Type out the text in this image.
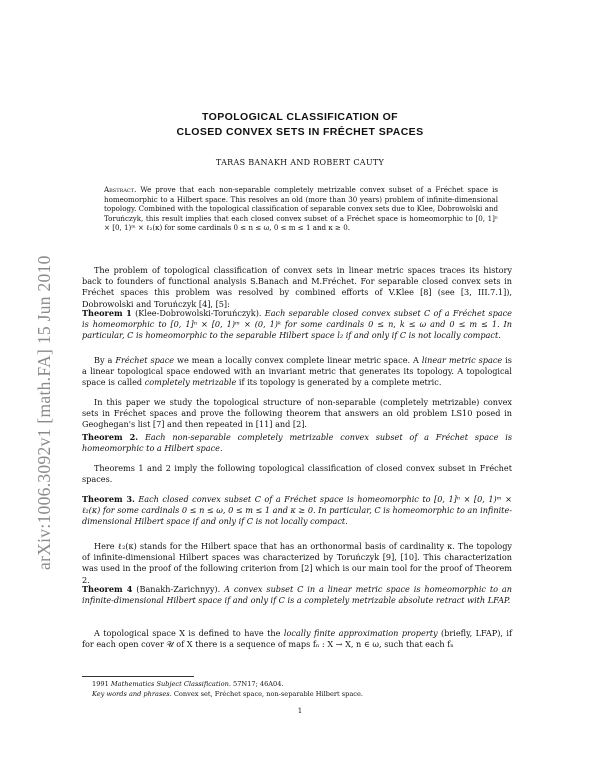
arXiv:1006.3092v1 [math.FA] 15 Jun 2010
TOPOLOGICAL CLASSIFICATION OF
CLOSED CONVEX SETS IN FRÉCHET SPACES
TARAS BANAKH AND ROBERT CAUTY
Abstract. We prove that each non-separable completely metrizable convex subset of a Fréchet space is homeomorphic to a Hilbert space. This resolves an old (more than 30 years) problem of infinite-dimensional topology. Combined with the topological classification of separable convex sets due to Klee, Dobrowolski and Toruńczyk, this result implies that each closed convex subset of a Fréchet space is homeomorphic to [0, 1]ⁿ × [0, 1)ᵐ × ℓ₂(κ) for some cardinals 0 ≤ n ≤ ω, 0 ≤ m ≤ 1 and κ ≥ 0.
The problem of topological classification of convex sets in linear metric spaces traces its history back to founders of functional analysis S.Banach and M.Fréchet. For separable closed convex sets in Fréchet spaces this problem was resolved by combined efforts of V.Klee [8] (see [3, III.7.1]), Dobrowolski and Toruńczyk [4], [5]:
Theorem 1 (Klee-Dobrowolski-Toruńczyk). Each separable closed convex subset C of a Fréchet space is homeomorphic to [0, 1]ⁿ × [0, 1)ᵐ × (0, 1)ᵏ for some cardinals 0 ≤ n, k ≤ ω and 0 ≤ m ≤ 1. In particular, C is homeomorphic to the separable Hilbert space l₂ if and only if C is not locally compact.
By a Fréchet space we mean a locally convex complete linear metric space. A linear metric space is a linear topological space endowed with an invariant metric that generates its topology. A topological space is called completely metrizable if its topology is generated by a complete metric.
In this paper we study the topological structure of non-separable (completely metrizable) convex sets in Fréchet spaces and prove the following theorem that answers an old problem LS10 posed in Geoghegan's list [7] and then repeated in [11] and [2].
Theorem 2. Each non-separable completely metrizable convex subset of a Fréchet space is homeomorphic to a Hilbert space.
Theorems 1 and 2 imply the following topological classification of closed convex subset in Fréchet spaces.
Theorem 3. Each closed convex subset C of a Fréchet space is homeomorphic to [0, 1]ⁿ × [0, 1)ᵐ × ℓ₂(κ) for some cardinals 0 ≤ n ≤ ω, 0 ≤ m ≤ 1 and κ ≥ 0. In particular, C is homeomorphic to an infinite-dimensional Hilbert space if and only if C is not locally compact.
Here ℓ₂(κ) stands for the Hilbert space that has an orthonormal basis of cardinality κ. The topology of infinite-dimensional Hilbert spaces was characterized by Toruńczyk [9], [10]. This characterization was used in the proof of the following criterion from [2] which is our main tool for the proof of Theorem 2.
Theorem 4 (Banakh-Zarichnyy). A convex subset C in a linear metric space is homeomorphic to an infinite-dimensional Hilbert space if and only if C is a completely metrizable absolute retract with LFAP.
A topological space X is defined to have the locally finite approximation property (briefly, LFAP), if for each open cover 𝒰 of X there is a sequence of maps fₙ : X → X, n ∈ ω, such that each fₙ
1991 Mathematics Subject Classification. 57N17; 46A04.
Key words and phrases. Convex set, Fréchet space, non-separable Hilbert space.
1
